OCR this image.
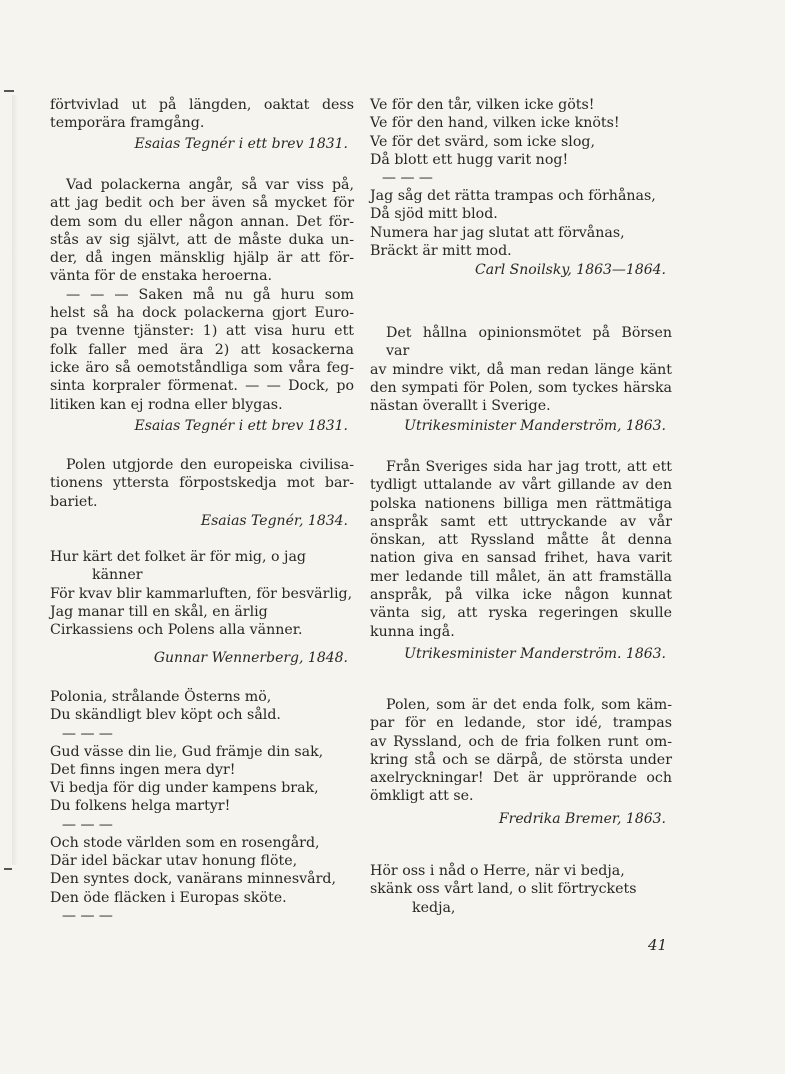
förtvivlad ut på längden, oaktat dess
temporära framgång.
Esaias Tegnér i ett brev 1831.
Vad polackerna angår, så var viss på,
att jag bedit och ber även så mycket för
dem som du eller någon annan. Det för-
stås av sig självt, att de måste duka un-
der, då ingen mänsklig hjälp är att för-
vänta för de enstaka heroerna.
— — — Saken må nu gå huru som
helst så ha dock polackerna gjort Euro-
pa tvenne tjänster: 1) att visa huru ett
folk faller med ära 2) att kosackerna
icke äro så oemotståndliga som våra feg-
sinta korpraler förmenat. — — Dock, po
litiken kan ej rodna eller blygas.
Esaias Tegnér i ett brev 1831.
Polen utgjorde den europeiska civilisa-
tionens yttersta förpostskedja mot bar-
bariet.
Esaias Tegnér, 1834.
Hur kärt det folket är för mig, o jag
känner
För kvav blir kammarluften, för besvärlig,
Jag manar till en skål, en ärlig
Cirkassiens och Polens alla vänner.
Gunnar Wennerberg, 1848.
Polonia, strålande Österns mö,
Du skändligt blev köpt och såld.
— — —
Gud vässe din lie, Gud främje din sak,
Det finns ingen mera dyr!
Vi bedja för dig under kampens brak,
Du folkens helga martyr!
— — —
Och stode världen som en rosengård,
Där idel bäckar utav honung flöte,
Den syntes dock, vanärans minnesvård,
Den öde fläcken i Europas sköte.
— — —
Ve för den tår, vilken icke göts!
Ve för den hand, vilken icke knöts!
Ve för det svärd, som icke slog,
Då blott ett hugg varit nog!
— — —
Jag såg det rätta trampas och förhånas,
Då sjöd mitt blod.
Numera har jag slutat att förvånas,
Bräckt är mitt mod.
Carl Snoilsky, 1863—1864.
Det hållna opinionsmötet på Börsen var
av mindre vikt, då man redan länge känt
den sympati för Polen, som tyckes härska
nästan överallt i Sverige.
Utrikesminister Manderström, 1863.
Från Sveriges sida har jag trott, att ett
tydligt uttalande av vårt gillande av den
polska nationens billiga men rättmätiga
anspråk samt ett uttryckande av vår
önskan, att Ryssland måtte åt denna
nation giva en sansad frihet, hava varit
mer ledande till målet, än att framställa
anspråk, på vilka icke någon kunnat
vänta sig, att ryska regeringen skulle
kunna ingå.
Utrikesminister Manderström. 1863.
Polen, som är det enda folk, som käm-
par för en ledande, stor idé, trampas
av Ryssland, och de fria folken runt om-
kring stå och se därpå, de största under
axelryckningar! Det är upprörande och
ömkligt att se.
Fredrika Bremer, 1863.
Hör oss i nåd o Herre, när vi bedja,
skänk oss vårt land, o slit förtryckets
kedja,
41
